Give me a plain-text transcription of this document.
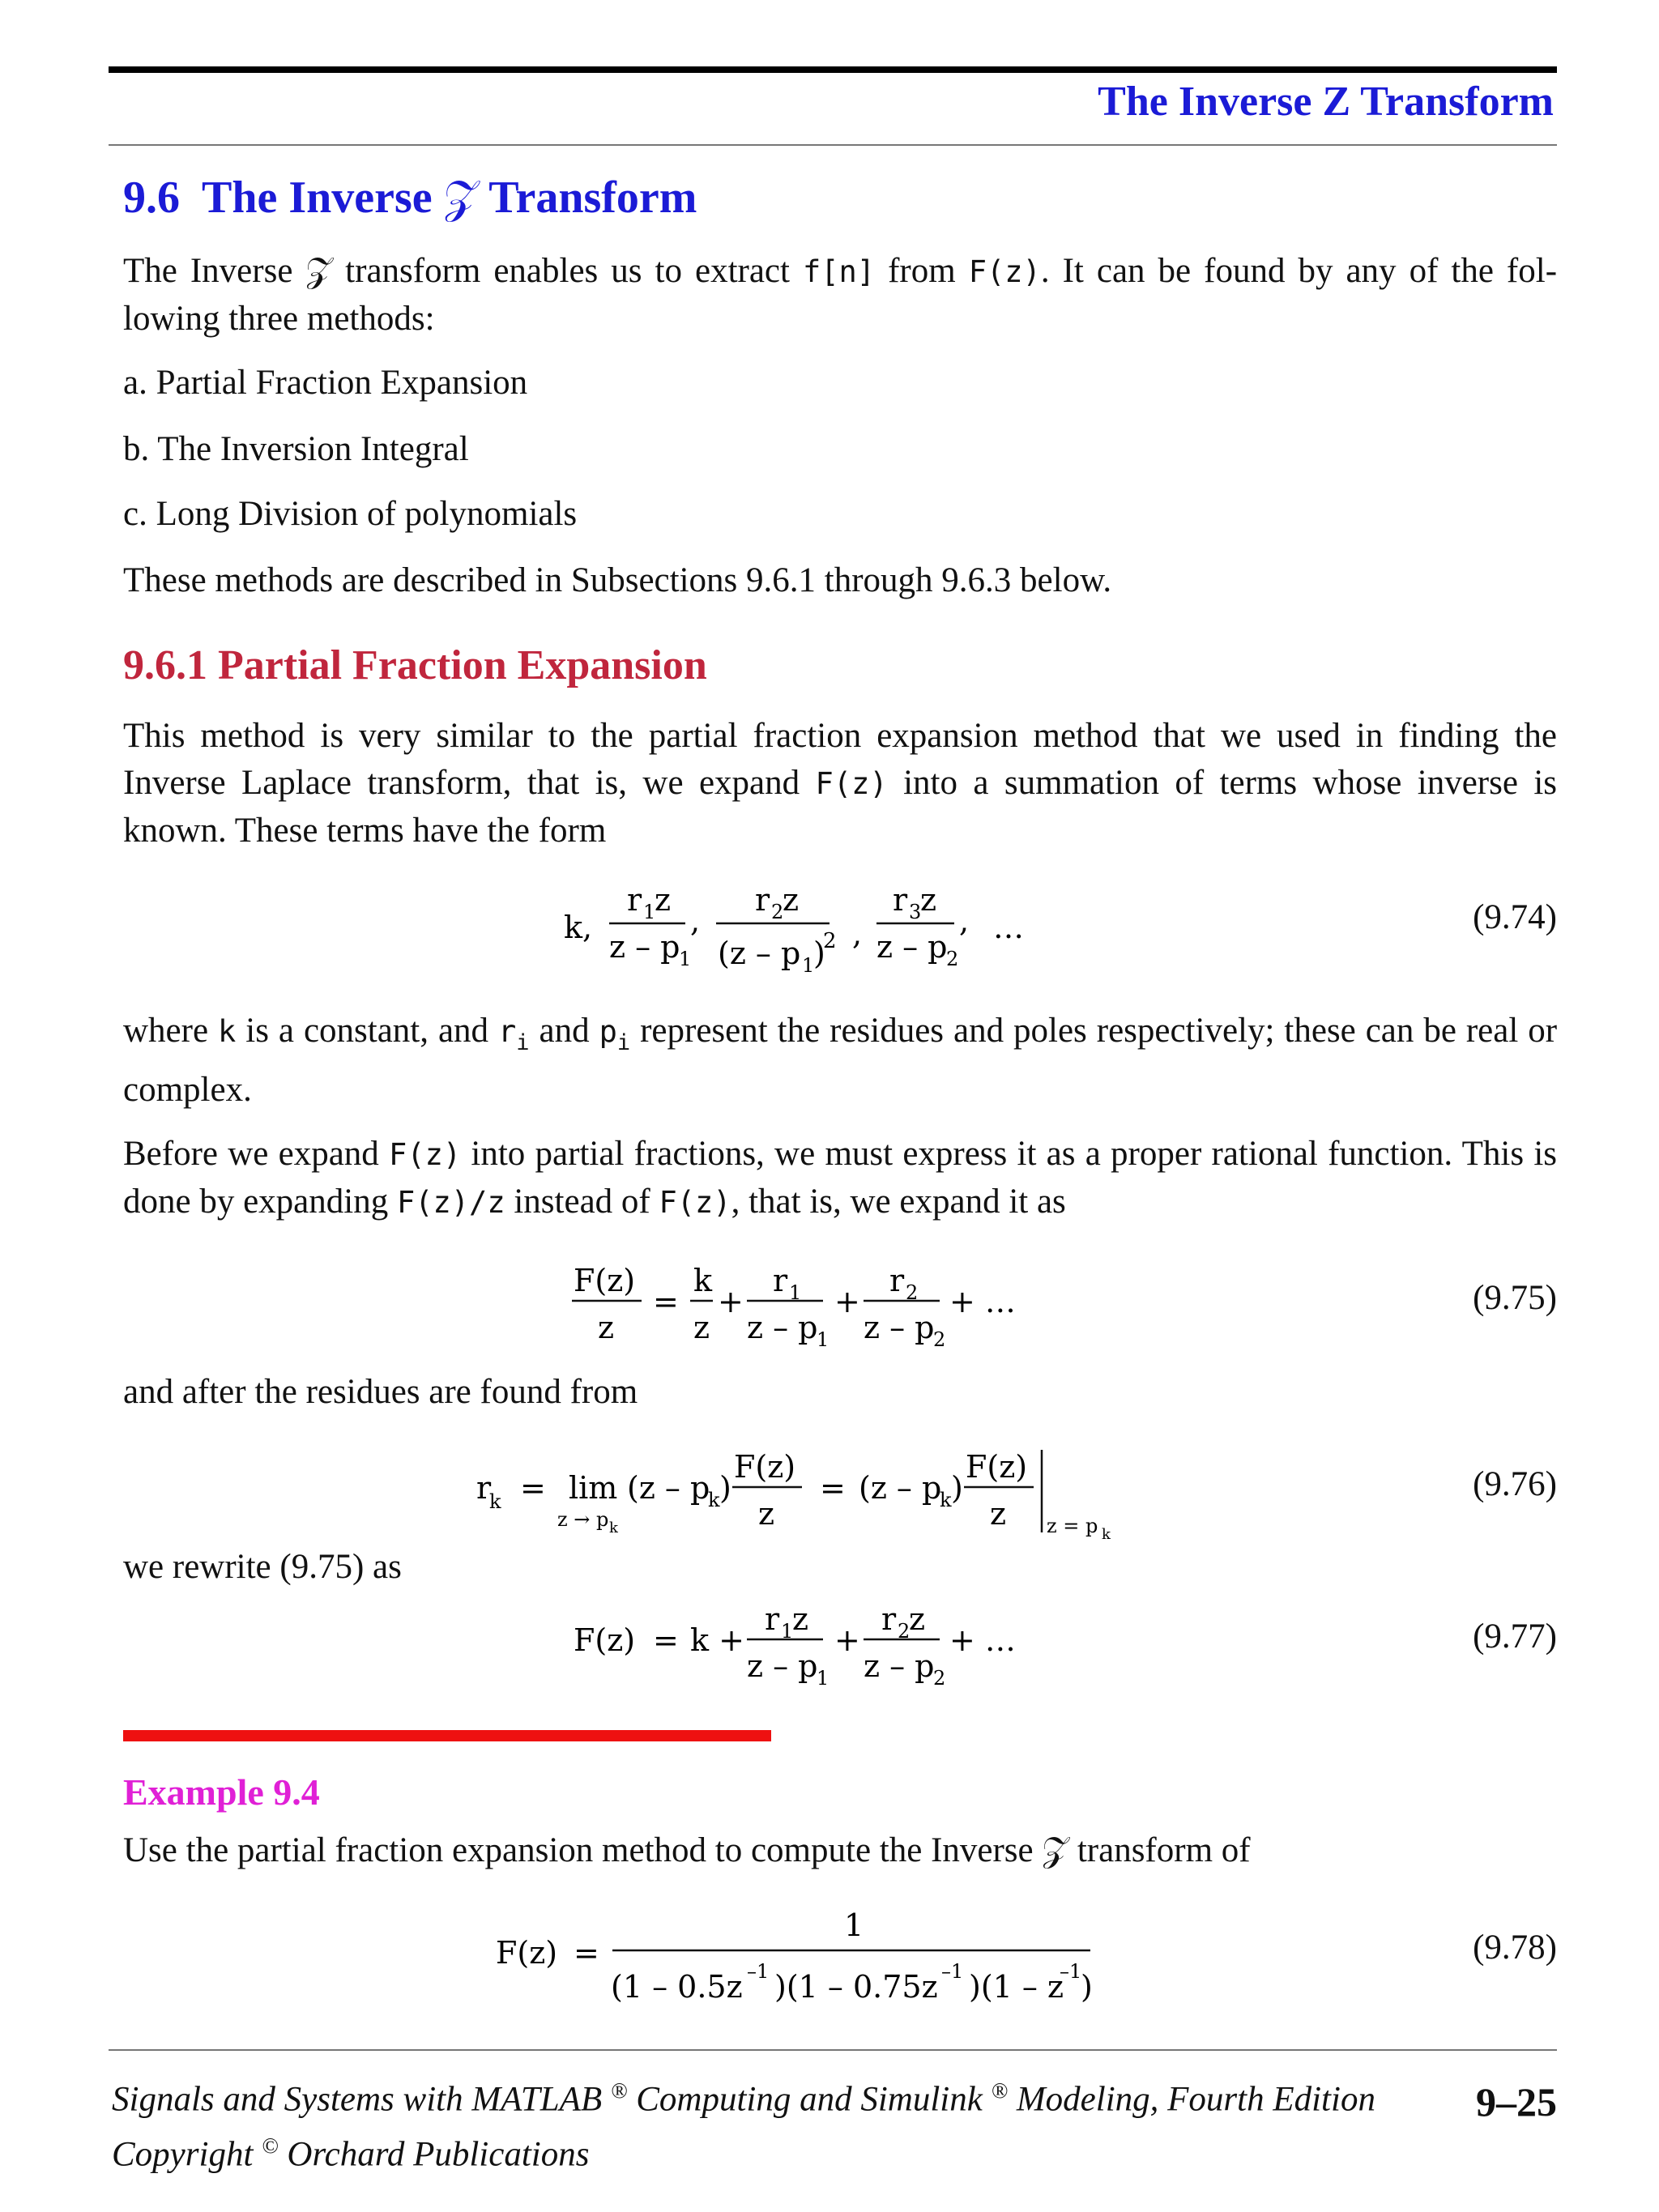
The Inverse Z Transform
9.6 The Inverse 𝒵 Transform
The Inverse 𝒵 transform enables us to extract f[n] from F(z). It can be found by any of the fol-lowing three methods:
a. Partial Fraction Expansion
b. The Inversion Integral
c. Long Division of polynomials
These methods are described in Subsections 9.6.1 through 9.6.3 below.
9.6.1 Partial Fraction Expansion
This method is very similar to the partial fraction expansion method that we used in finding the Inverse Laplace transform, that is, we expand F(z) into a summation of terms whose inverse is known. These terms have the form
k,
r 1
z
z – p
1
,
r 2
z
(z – p 1
)
2 ,
r 3
z
z – p
2
, …	(9.74)
where k is a constant, and $r_i$ and $p_i$ represent the residues and poles respectively; these can be real or complex.
Before we expand F(z) into partial fractions, we must express it as a proper rational function. This is done by expanding F(z)/z instead of F(z), that is, we expand it as
F(z)
z
=
k
z
+
r 1
z – p
1
+
r 2
z – p
2
+ …	(9.75)
and after the residues are found from
r
k = lim
z → p k
(z – p
k )
F(z)
z
= (z – p
k )
F(z)
z z = p k
(9.76)
we rewrite (9.75) as
F(z) = k +
r 1
z
z – p
1
+
r 2
z
z – p
2
+ …	(9.77)
Example 9.4
Use the partial fraction expansion method to compute the Inverse 𝒵 transform of
F(z) =
1
(1 – 0.5z –1 )(1 – 0.75z –1 )(1 – z
–1
)
(9.78)
Signals and Systems with MATLAB ® Computing and Simulink ® Modeling, Fourth Edition
Copyright © Orchard Publications
9–25
